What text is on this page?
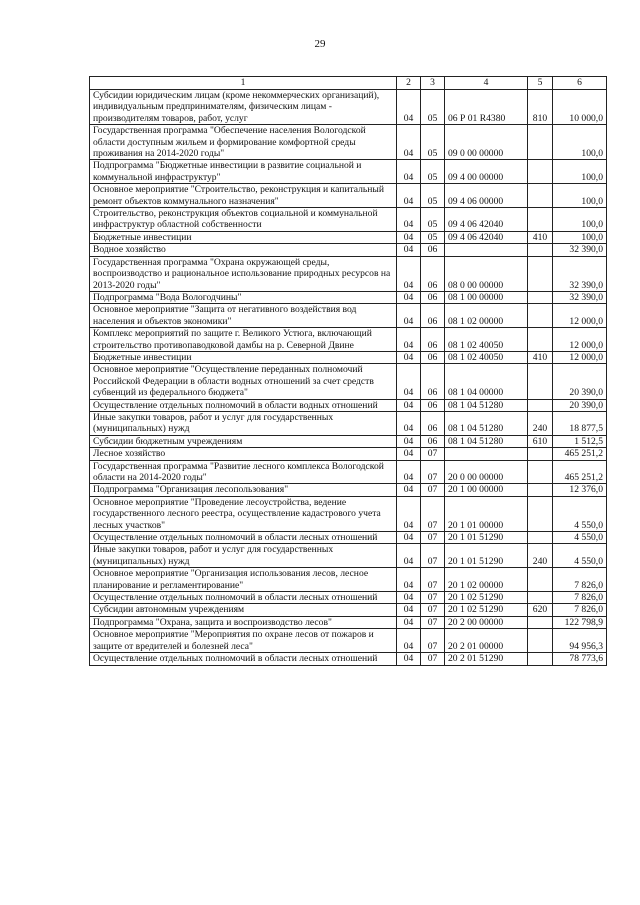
29
1	2	3	4	5	6
Субсидии юридическим лицам (кроме некоммерческих организаций), индивидуальным предпринимателям, физическим лицам - производителям товаров, работ, услуг	04	05	06 Р 01 R4380	810	10 000,0
Государственная программа "Обеспечение населения Вологодской области доступным жильем и формирование комфортной среды проживания на 2014-2020 годы"	04	05	09 0 00 00000		100,0
Подпрограмма "Бюджетные инвестиции в развитие социальной и коммунальной инфраструктур"	04	05	09 4 00 00000		100,0
Основное мероприятие "Строительство, реконструкция и капитальный ремонт объектов коммунального назначения"	04	05	09 4 06 00000		100,0
Строительство, реконструкция объектов социальной и коммунальной инфраструктур областной собственности	04	05	09 4 06 42040		100,0
Бюджетные инвестиции	04	05	09 4 06 42040	410	100,0
Водное хозяйство	04	06			32 390,0
Государственная программа "Охрана окружающей среды, воспроизводство и рациональное использование природных ресурсов на 2013-2020 годы"	04	06	08 0 00 00000		32 390,0
Подпрограмма "Вода Вологодчины"	04	06	08 1 00 00000		32 390,0
Основное мероприятие "Защита от негативного воздействия вод населения и объектов экономики"	04	06	08 1 02 00000		12 000,0
Комплекс мероприятий по защите г. Великого Устюга, включающий строительство противопаводковой дамбы на р. Северной Двине	04	06	08 1 02 40050		12 000,0
Бюджетные инвестиции	04	06	08 1 02 40050	410	12 000,0
Основное мероприятие "Осуществление переданных полномочий Российской Федерации в области водных отношений за счет средств субвенций из федерального бюджета"	04	06	08 1 04 00000		20 390,0
Осуществление отдельных полномочий в области водных отношений	04	06	08 1 04 51280		20 390,0
Иные закупки товаров, работ и услуг для государственных (муниципальных) нужд	04	06	08 1 04 51280	240	18 877,5
Субсидии бюджетным учреждениям	04	06	08 1 04 51280	610	1 512,5
Лесное хозяйство	04	07			465 251,2
Государственная программа "Развитие лесного комплекса Вологодской области на 2014-2020 годы"	04	07	20 0 00 00000		465 251,2
Подпрограмма "Организация лесопользования"	04	07	20 1 00 00000		12 376,0
Основное мероприятие "Проведение лесоустройства, ведение государственного лесного реестра, осуществление кадастрового учета лесных участков"	04	07	20 1 01 00000		4 550,0
Осуществление отдельных полномочий в области лесных отношений	04	07	20 1 01 51290		4 550,0
Иные закупки товаров, работ и услуг для государственных (муниципальных) нужд	04	07	20 1 01 51290	240	4 550,0
Основное мероприятие "Организация использования лесов, лесное планирование и регламентирование"	04	07	20 1 02 00000		7 826,0
Осуществление отдельных полномочий в области лесных отношений	04	07	20 1 02 51290		7 826,0
Субсидии автономным учреждениям	04	07	20 1 02 51290	620	7 826,0
Подпрограмма "Охрана, защита и воспроизводство лесов"	04	07	20 2 00 00000		122 798,9
Основное мероприятие "Мероприятия по охране лесов от пожаров и защите от вредителей и болезней леса"	04	07	20 2 01 00000		94 956,3
Осуществление отдельных полномочий в области лесных отношений	04	07	20 2 01 51290		78 773,6
